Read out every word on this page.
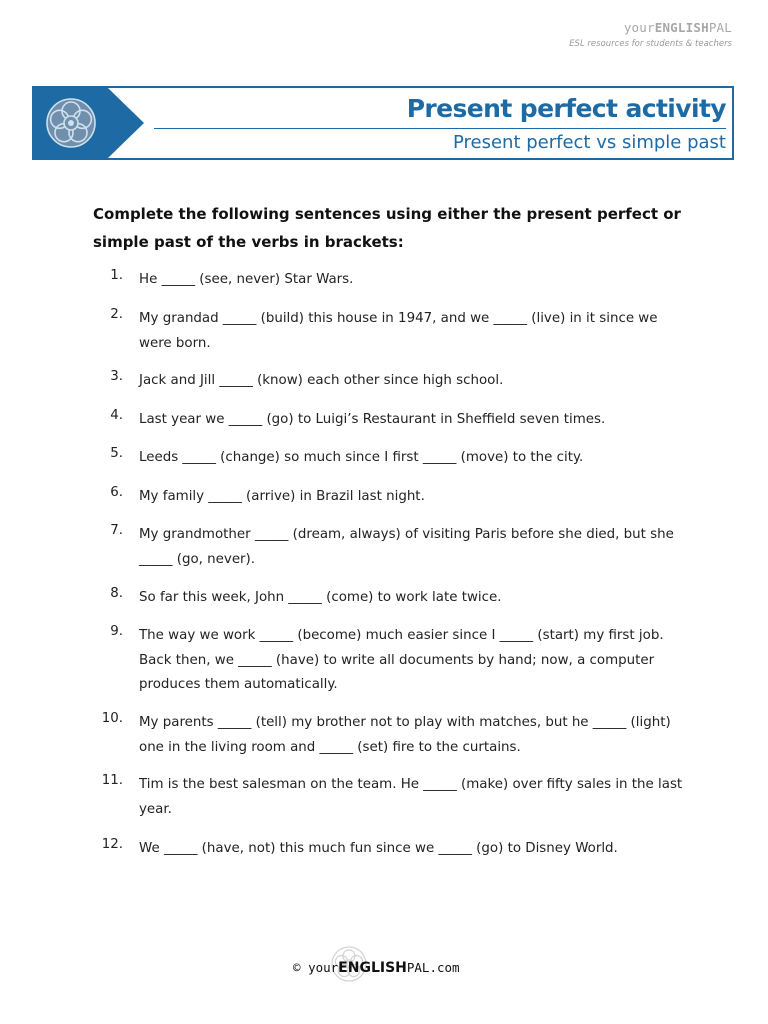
yourENGLISHPAL
ESL resources for students & teachers
Present perfect activity
Present perfect vs simple past
Complete the following sentences using either the present perfect or simple past of the verbs in brackets:
1. He _____ (see, never) Star Wars.
2. My grandad _____ (build) this house in 1947, and we _____ (live) in it since we were born.
3. Jack and Jill _____ (know) each other since high school.
4. Last year we _____ (go) to Luigi’s Restaurant in Sheffield seven times.
5. Leeds _____ (change) so much since I first _____ (move) to the city.
6. My family _____ (arrive) in Brazil last night.
7. My grandmother _____ (dream, always) of visiting Paris before she died, but she _____ (go, never).
8. So far this week, John _____ (come) to work late twice.
9. The way we work _____ (become) much easier since I _____ (start) my first job. Back then, we _____ (have) to write all documents by hand; now, a computer produces them automatically.
10. My parents _____ (tell) my brother not to play with matches, but he _____ (light) one in the living room and _____ (set) fire to the curtains.
11. Tim is the best salesman on the team. He _____ (make) over fifty sales in the last year.
12. We _____ (have, not) this much fun since we _____ (go) to Disney World.
© yourENGLISHPAL.com
